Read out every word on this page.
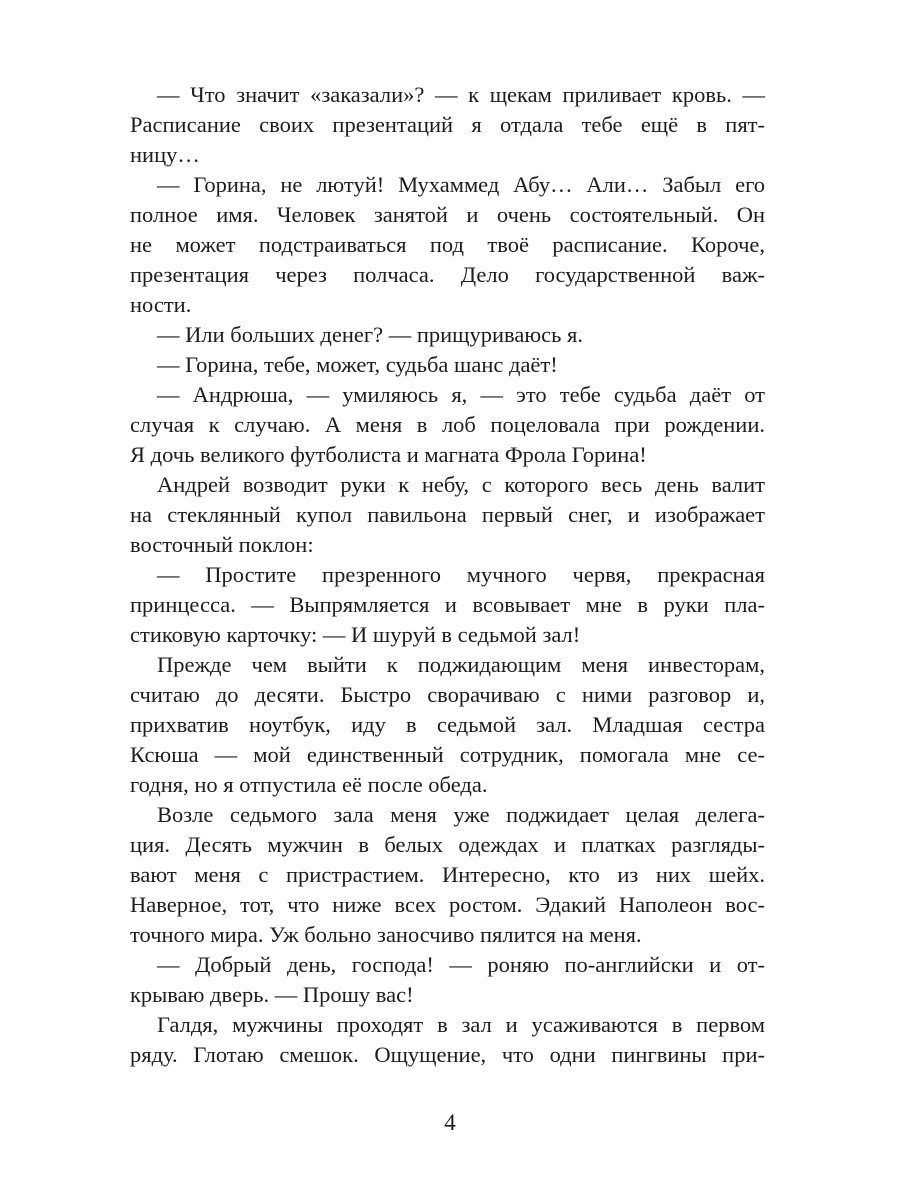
— Что значит «заказали»? — к щекам приливает кровь. —
Расписание своих презентаций я отдала тебе ещё в пят-
ницу…
— Горина, не лютуй! Мухаммед Абу… Али… Забыл его
полное имя. Человек занятой и очень состоятельный. Он
не может подстраиваться под твоё расписание. Короче,
презентация через полчаса. Дело государственной важ-
ности.
— Или больших денег? — прищуриваюсь я.
— Горина, тебе, может, судьба шанс даёт!
— Андрюша, — умиляюсь я, — это тебе судьба даёт от
случая к случаю. А меня в лоб поцеловала при рождении.
Я дочь великого футболиста и магната Фрола Горина!
Андрей возводит руки к небу, с которого весь день валит
на стеклянный купол павильона первый снег, и изображает
восточный поклон:
— Простите презренного мучного червя, прекрасная
принцесса. — Выпрямляется и всовывает мне в руки пла-
стиковую карточку: — И шуруй в седьмой зал!
Прежде чем выйти к поджидающим меня инвесторам,
считаю до десяти. Быстро сворачиваю с ними разговор и,
прихватив ноутбук, иду в седьмой зал. Младшая сестра
Ксюша — мой единственный сотрудник, помогала мне се-
годня, но я отпустила её после обеда.
Возле седьмого зала меня уже поджидает целая делега-
ция. Десять мужчин в белых одеждах и платках разгляды-
вают меня с пристрастием. Интересно, кто из них шейх.
Наверное, тот, что ниже всех ростом. Эдакий Наполеон вос-
точного мира. Уж больно заносчиво пялится на меня.
— Добрый день, господа! — роняю по-английски и от-
крываю дверь. — Прошу вас!
Галдя, мужчины проходят в зал и усаживаются в первом
ряду. Глотаю смешок. Ощущение, что одни пингвины при-
4
